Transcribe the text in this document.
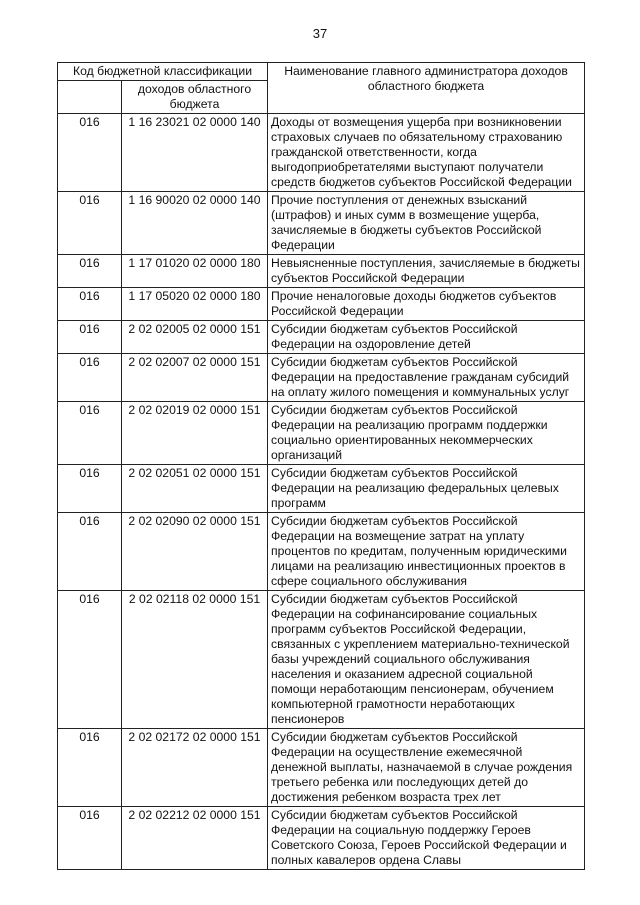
37
Код бюджетной классификации		Наименование главного администратора доходов областного бюджета
	доходов областного бюджета	
016	1 16 23021 02 0000 140	Доходы от возмещения ущерба при возникновении страховых случаев по обязательному страхованию гражданской ответственности, когда выгодоприобретателями выступают получатели средств бюджетов субъектов Российской Федерации
016	1 16 90020 02 0000 140	Прочие поступления от денежных взысканий (штрафов) и иных сумм в возмещение ущерба, зачисляемые в бюджеты субъектов Российской Федерации
016	1 17 01020 02 0000 180	Невыясненные поступления, зачисляемые в бюджеты субъектов Российской Федерации
016	1 17 05020 02 0000 180	Прочие неналоговые доходы бюджетов субъектов Российской Федерации
016	2 02 02005 02 0000 151	Субсидии бюджетам субъектов Российской Федерации на оздоровление детей
016	2 02 02007 02 0000 151	Субсидии бюджетам субъектов Российской Федерации на предоставление гражданам субсидий на оплату жилого помещения и коммунальных услуг
016	2 02 02019 02 0000 151	Субсидии бюджетам субъектов Российской Федерации на реализацию программ поддержки социально ориентированных некоммерческих организаций
016	2 02 02051 02 0000 151	Субсидии бюджетам субъектов Российской Федерации на реализацию федеральных целевых программ
016	2 02 02090 02 0000 151	Субсидии бюджетам субъектов Российской Федерации на возмещение затрат на уплату процентов по кредитам, полученным юридическими лицами на реализацию инвестиционных проектов в сфере социального обслуживания
016	2 02 02118 02 0000 151	Субсидии бюджетам субъектов Российской Федерации на софинансирование социальных программ субъектов Российской Федерации, связанных с укреплением материально-технической базы учреждений социального обслуживания населения и оказанием адресной социальной помощи неработающим пенсионерам, обучением компьютерной грамотности неработающих пенсионеров
016	2 02 02172 02 0000 151	Субсидии бюджетам субъектов Российской Федерации на осуществление ежемесячной денежной выплаты, назначаемой в случае рождения третьего ребенка или последующих детей до достижения ребенком возраста трех лет
016	2 02 02212 02 0000 151	Субсидии бюджетам субъектов Российской Федерации на социальную поддержку Героев Советского Союза, Героев Российской Федерации и полных кавалеров ордена Славы
